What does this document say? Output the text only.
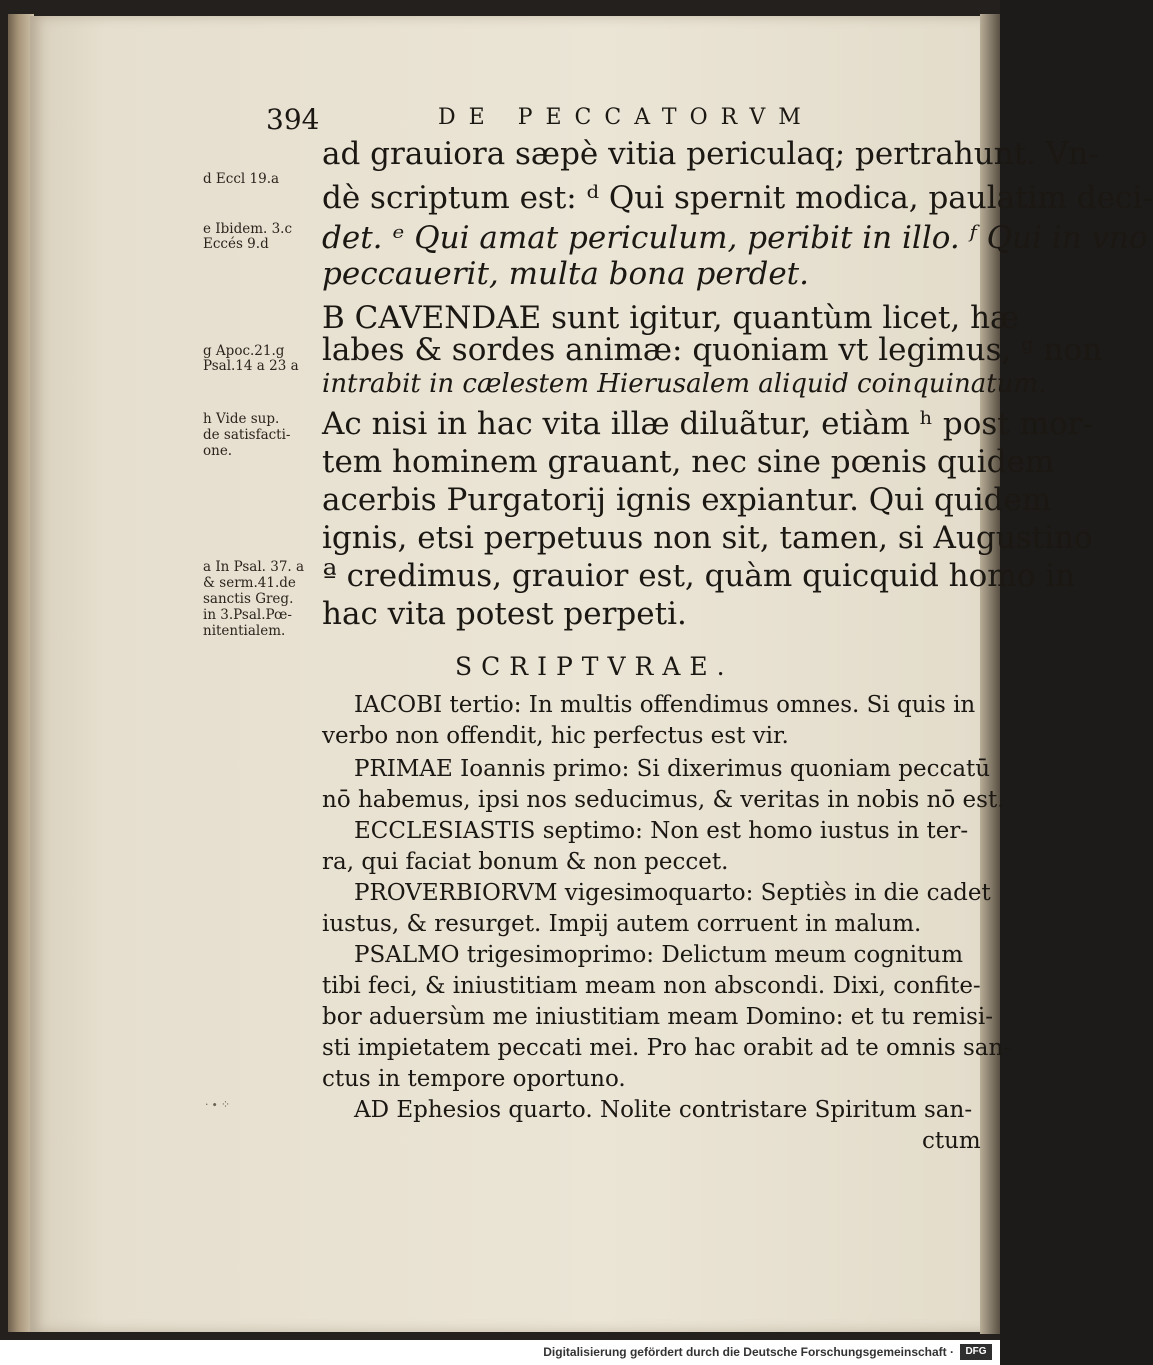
394	DE PECCATORVM
ad grauiora sæpè vitia periculaq; pertrahunt. Vn-
dè scriptum est: ᵈ Qui spernit modica, paulatim deci-
det. ᵉ Qui amat periculum, peribit in illo. ᶠ Qui in vno
peccauerit, multa bona perdet.
B CAVENDAE sunt igitur, quantùm licet, hæ
labes & sordes animæ: quoniam vt legimus, ᵍ non
intrabit in cælestem Hierusalem aliquid coinquinatum.
Ac nisi in hac vita illæ diluãtur, etiàm ʰ post mor-
tem hominem grauant, nec sine pœnis quidem
acerbis Purgatorij ignis expiantur. Qui quidem
ignis, etsi perpetuus non sit, tamen, si Augustino
ª credimus, grauior est, quàm quicquid homo in
hac vita potest perpeti.
d Eccl 19.a
e Ibidem. 3.c
Eccés 9.d
g Apoc.21.g
Psal.14 a 23 a
h Vide sup.
de satisfacti-
one.
a In Psal. 37. a
& serm.41.de
sanctis Greg.
in 3.Psal.Pœ-
nitentialem.
SCRIPTVRAE.
IACOBI tertio: In multis offendimus omnes. Si quis in
verbo non offendit, hic perfectus est vir.
PRIMAE Ioannis primo: Si dixerimus quoniam peccatū
nō habemus, ipsi nos seducimus, & veritas in nobis nō est.
ECCLESIASTIS septimo: Non est homo iustus in ter-
ra, qui faciat bonum & non peccet.
PROVERBIORVM vigesimoquarto: Septiès in die cadet
iustus, & resurget. Impij autem corruent in malum.
PSALMO trigesimoprimo: Delictum meum cognitum
tibi feci, & iniustitiam meam non abscondi. Dixi, confite-
bor aduersùm me iniustitiam meam Domino: et tu remisi-
sti impietatem peccati mei. Pro hac orabit ad te omnis san-
ctus in tempore oportuno.
AD Ephesios quarto. Nolite contristare Spiritum san-
ctum
· ∙ ⁘
Digitalisierung gefördert durch die Deutsche Forschungsgemeinschaft ·	DFG
